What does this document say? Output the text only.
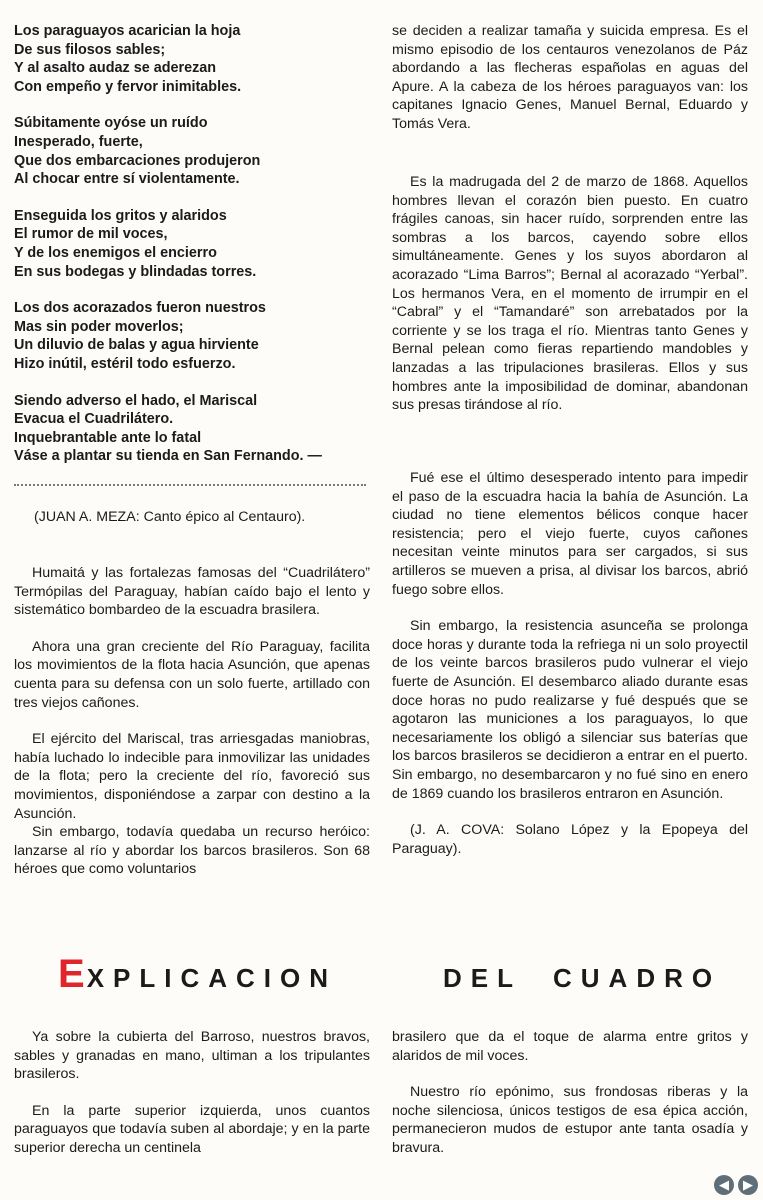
Los paraguayos acarician la hoja
De sus filosos sables;
Y al asalto audaz se aderezan
Con empeño y fervor inimitables.
Súbitamente oyóse un ruído
Inesperado, fuerte,
Que dos embarcaciones produjeron
Al chocar entre sí violentamente.
Enseguida los gritos y alaridos
El rumor de mil voces,
Y de los enemigos el encierro
En sus bodegas y blindadas torres.
Los dos acorazados fueron nuestros
Mas sin poder moverlos;
Un diluvio de balas y agua hirviente
Hizo inútil, estéril todo esfuerzo.
Siendo adverso el hado, el Mariscal
Evacua el Cuadrilátero.
Inquebrantable ante lo fatal
Váse a plantar su tienda en San Fernando. —
(JUAN A. MEZA: Canto épico al Centauro).

Humaitá y las fortalezas famosas del “Cuadrilátero” Termópilas del Paraguay, habían caído bajo el lento y sistemático bombardeo de la escuadra brasilera.

Ahora una gran creciente del Río Paraguay, facilita los movimientos de la flota hacia Asunción, que apenas cuenta para su defensa con un solo fuerte, artillado con tres viejos cañones.

El ejército del Mariscal, tras arriesgadas maniobras, había luchado lo indecible para inmovilizar las unidades de la flota; pero la creciente del río, favoreció sus movimientos, disponiéndose a zarpar con destino a la Asunción.

Sin embargo, todavía quedaba un recurso heróico: lanzarse al río y abordar los barcos brasileros. Son 68 héroes que como voluntarios

se deciden a realizar tamaña y suicida empresa. Es el mismo episodio de los centauros venezolanos de Páz abordando a las flecheras españolas en aguas del Apure. A la cabeza de los héroes paraguayos van: los capitanes Ignacio Genes, Manuel Bernal, Eduardo y Tomás Vera.

Es la madrugada del 2 de marzo de 1868. Aquellos hombres llevan el corazón bien puesto. En cuatro frágiles canoas, sin hacer ruído, sorprenden entre las sombras a los barcos, cayendo sobre ellos simultáneamente. Genes y los suyos abordaron al acorazado “Lima Barros”; Bernal al acorazado “Yerbal”. Los hermanos Vera, en el momento de irrumpir en el “Cabral” y el “Tamandaré” son arrebatados por la corriente y se los traga el río. Mientras tanto Genes y Bernal pelean como fieras repartiendo mandobles y lanzadas a las tripulaciones brasileras. Ellos y sus hombres ante la imposibilidad de dominar, abandonan sus presas tirándose al río.

Fué ese el último desesperado intento para impedir el paso de la escuadra hacia la bahía de Asunción. La ciudad no tiene elementos bélicos conque hacer resistencia; pero el viejo fuerte, cuyos cañones necesitan veinte minutos para ser cargados, si sus artilleros se mueven a prisa, al divisar los barcos, abrió fuego sobre ellos.

Sin embargo, la resistencia asunceña se prolonga doce horas y durante toda la refriega ni un solo proyectil de los veinte barcos brasileros pudo vulnerar el viejo fuerte de Asunción. El desembarco aliado durante esas doce horas no pudo realizarse y fué después que se agotaron las municiones a los paraguayos, lo que necesariamente los obligó a silenciar sus baterías que los barcos brasileros se decidieron a entrar en el puerto. Sin embargo, no desembarcaron y no fué sino en enero de 1869 cuando los brasileros entraron en Asunción.

(J. A. COVA: Solano López y la Epopeya del Paraguay).

EXPLICACION	DEL CUADRO

Ya sobre la cubierta del Barroso, nuestros bravos, sables y granadas en mano, ultiman a los tripulantes brasileros.

En la parte superior izquierda, unos cuantos paraguayos que todavía suben al abordaje; y en la parte superior derecha un centinela

brasilero que da el toque de alarma entre gritos y alaridos de mil voces.

Nuestro río epónimo, sus frondosas riberas y la noche silenciosa, únicos testigos de esa épica acción, permanecieron mudos de estupor ante tanta osadía y bravura.

◀	▶
